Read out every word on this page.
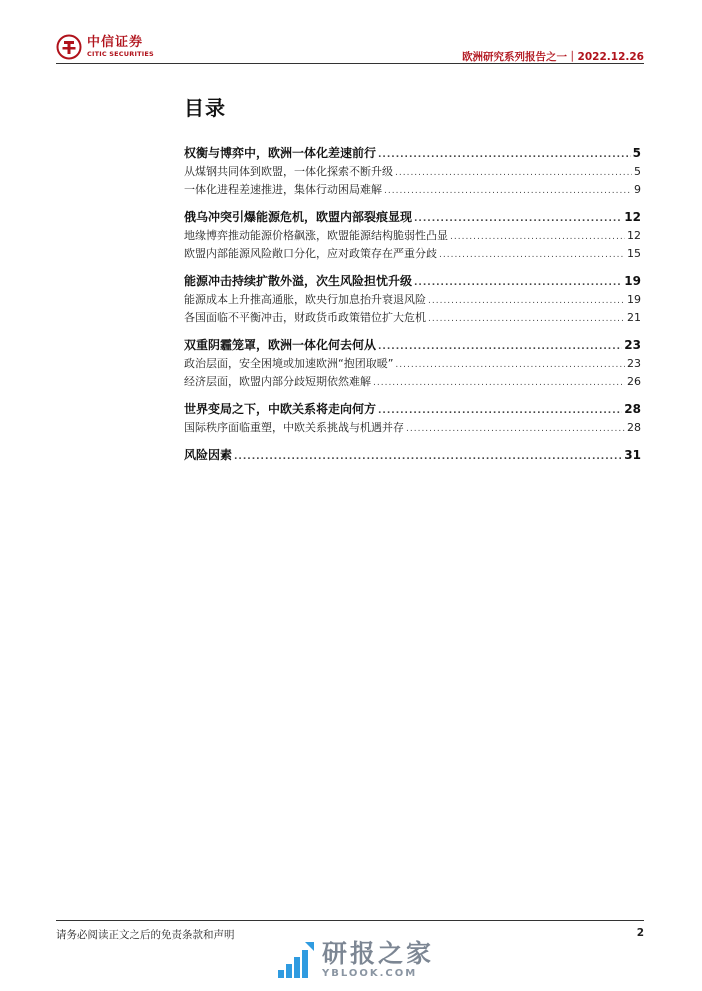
中信证券
CITIC SECURITIES	欧洲研究系列报告之一｜2022.12.26
目录
权衡与博弈中，欧洲一体化差速前行 .....	5
从煤钢共同体到欧盟，一体化探索不断升级 .....	5
一体化进程差速推进，集体行动困局难解 .....	9
俄乌冲突引爆能源危机，欧盟内部裂痕显现 .....	12
地缘博弈推动能源价格飙涨，欧盟能源结构脆弱性凸显 .....	12
欧盟内部能源风险敞口分化，应对政策存在严重分歧 .....	15
能源冲击持续扩散外溢，次生风险担忧升级 .....	19
能源成本上升推高通胀，欧央行加息抬升衰退风险 .....	19
各国面临不平衡冲击，财政货币政策错位扩大危机 .....	21
双重阴霾笼罩，欧洲一体化何去何从 .....	23
政治层面，安全困境或加速欧洲“抱团取暖” .....	23
经济层面，欧盟内部分歧短期依然难解 .....	26
世界变局之下，中欧关系将走向何方 .....	28
国际秩序面临重塑，中欧关系挑战与机遇并存 .....	28
风险因素 .....	31
请务必阅读正文之后的免责条款和声明	2
研报之家
YBLOOK.COM
